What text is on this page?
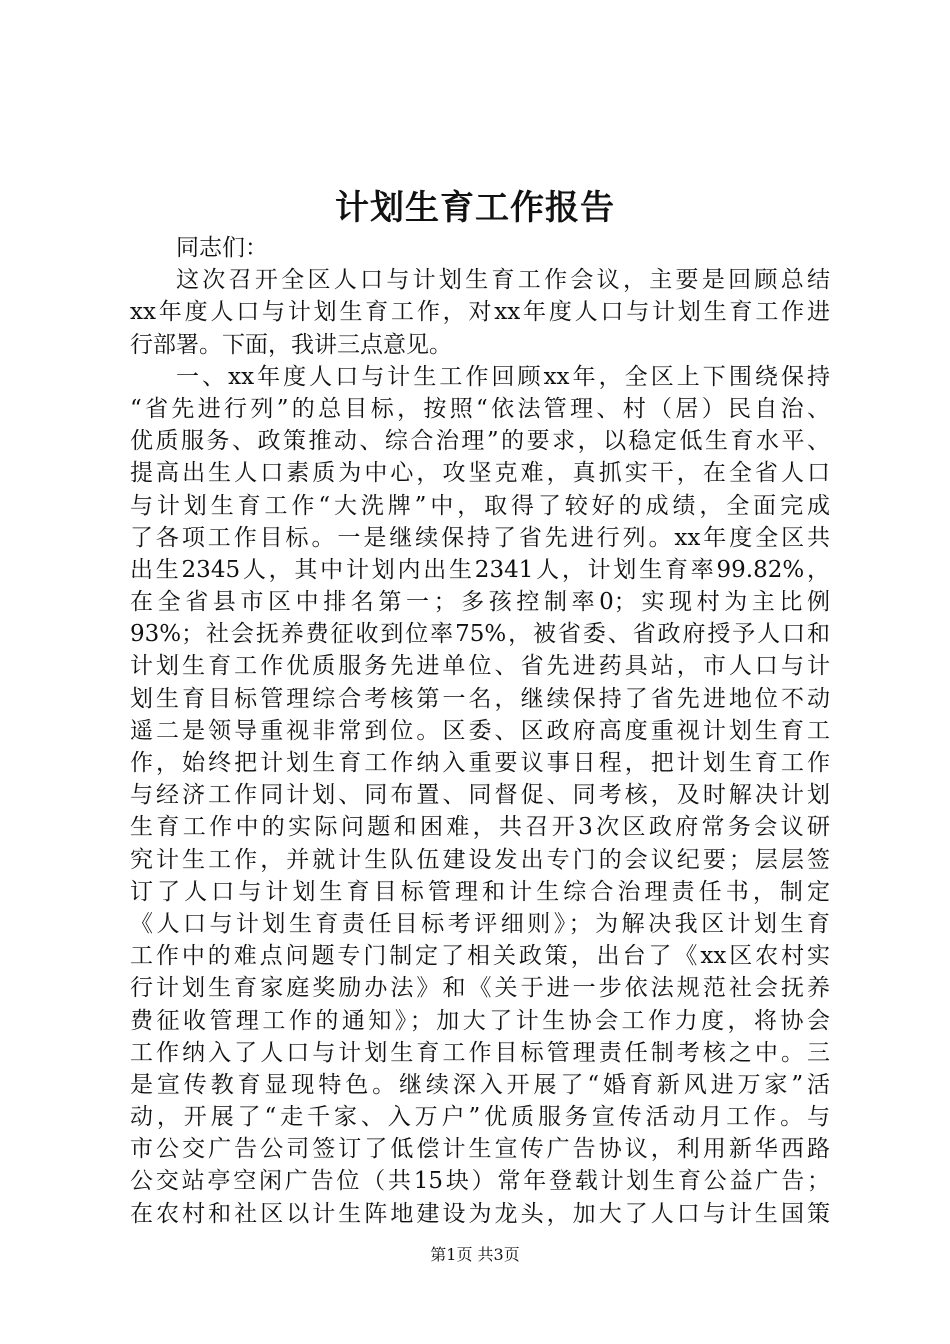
计划生育工作报告
同志们：
这次召开全区人口与计划生育工作会议，主要是回顾总结
xx年度人口与计划生育工作，对xx年度人口与计划生育工作进
行部署。下面，我讲三点意见。
一、xx年度人口与计生工作回顾xx年，全区上下围绕保持
“省先进行列”的总目标，按照“依法管理、村（居）民自治、
优质服务、政策推动、综合治理”的要求，以稳定低生育水平、
提高出生人口素质为中心，攻坚克难，真抓实干，在全省人口
与计划生育工作“大洗牌”中，取得了较好的成绩，全面完成
了各项工作目标。一是继续保持了省先进行列。xx年度全区共
出生2345人，其中计划内出生2341人，计划生育率99.82%，
在全省县市区中排名第一；多孩控制率0；实现村为主比例
93%；社会抚养费征收到位率75%，被省委、省政府授予人口和
计划生育工作优质服务先进单位、省先进药具站，市人口与计
划生育目标管理综合考核第一名，继续保持了省先进地位不动
遥二是领导重视非常到位。区委、区政府高度重视计划生育工
作，始终把计划生育工作纳入重要议事日程，把计划生育工作
与经济工作同计划、同布置、同督促、同考核，及时解决计划
生育工作中的实际问题和困难，共召开3次区政府常务会议研
究计生工作，并就计生队伍建设发出专门的会议纪要；层层签
订了人口与计划生育目标管理和计生综合治理责任书，制定
《人口与计划生育责任目标考评细则》；为解决我区计划生育
工作中的难点问题专门制定了相关政策，出台了《xx区农村实
行计划生育家庭奖励办法》和《关于进一步依法规范社会抚养
费征收管理工作的通知》；加大了计生协会工作力度，将协会
工作纳入了人口与计划生育工作目标管理责任制考核之中。三
是宣传教育显现特色。继续深入开展了“婚育新风进万家”活
动，开展了“走千家、入万户”优质服务宣传活动月工作。与
市公交广告公司签订了低偿计生宣传广告协议，利用新华西路
公交站亭空闲广告位（共15块）常年登载计划生育公益广告；
在农村和社区以计生阵地建设为龙头，加大了人口与计生国策
第1页 共3页
